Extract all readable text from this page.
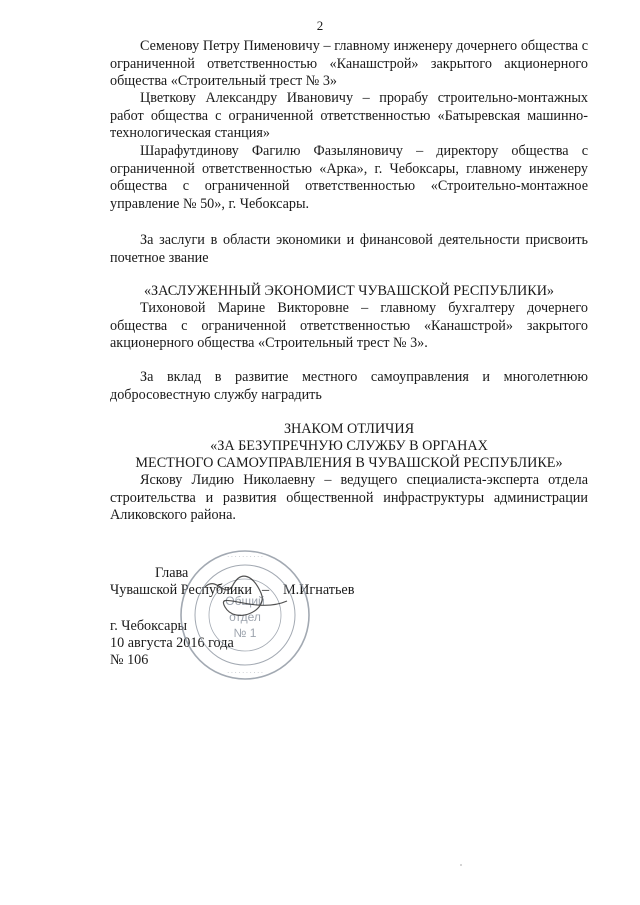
2

Семенову Петру Пименовичу – главному инженеру дочернего общества с ограниченной ответственностью «Канашстрой» закрытого акционерного общества «Строительный трест № 3»

Цветкову Александру Ивановичу – прорабу строительно-монтажных работ общества с ограниченной ответственностью «Батыревская машинно-технологическая станция»

Шарафутдинову Фагилю Фазыляновичу – директору общества с ограниченной ответственностью «Арка», г. Чебоксары, главному инженеру общества с ограниченной ответственностью «Строительно-монтажное управление № 50», г. Чебоксары.

За заслуги в области экономики и финансовой деятельности присвоить почетное звание

«ЗАСЛУЖЕННЫЙ ЭКОНОМИСТ ЧУВАШСКОЙ РЕСПУБЛИКИ»

Тихоновой Марине Викторовне – главному бухгалтеру дочернего общества с ограниченной ответственностью «Канашстрой» закрытого акционерного общества «Строительный трест № 3».

За вклад в развитие местного самоуправления и многолетнюю добросовестную службу наградить

ЗНАКОМ ОТЛИЧИЯ
«ЗА БЕЗУПРЕЧНУЮ СЛУЖБУ В ОРГАНАХ
МЕСТНОГО САМОУПРАВЛЕНИЯ В ЧУВАШСКОЙ РЕСПУБЛИКЕ»

Яскову Лидию Николаевну – ведущего специалиста-эксперта отдела строительства и развития общественной инфраструктуры администрации Аликовского района.

Глава
Чувашской Республики – М.Игнатьев
г. Чебоксары
10 августа 2016 года
№ 106
∙ ∙ ∙ ∙ ∙ ∙ ∙ ∙ ∙ ∙
∙ ∙ ∙ ∙ ∙ ∙ ∙ ∙ ∙ ∙
Общий
отдел
№ 1
